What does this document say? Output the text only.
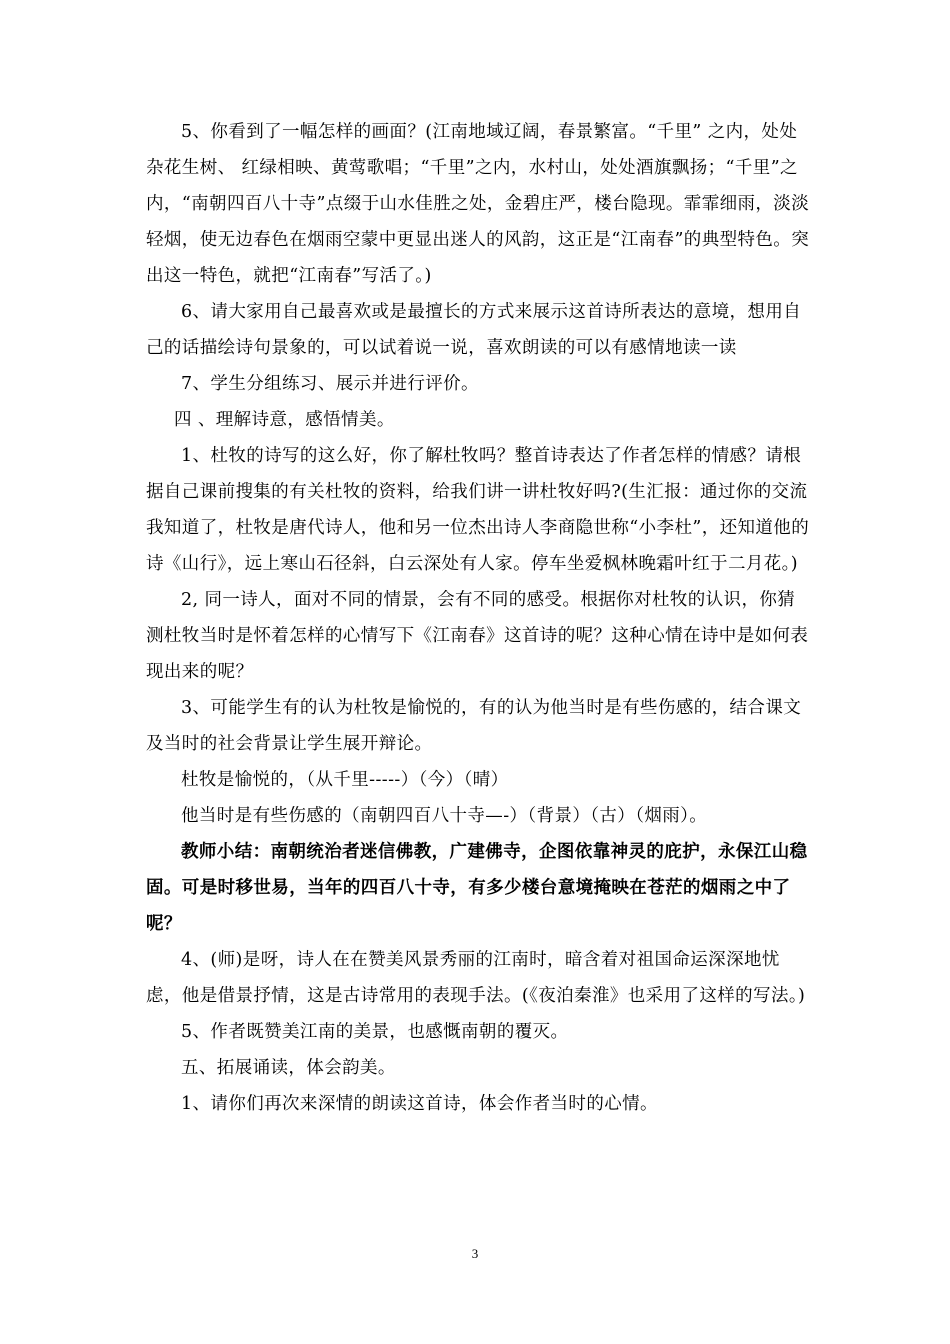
5、你看到了一幅怎样的画面？(江南地域辽阔，春景繁富。“千里” 之内，处处杂花生树、 红绿相映、黄莺歌唱；“千里”之内，水村山，处处酒旗飘扬；“千里”之内，“南朝四百八十寺”点缀于山水佳胜之处，金碧庄严，楼台隐现。霏霏细雨，淡淡轻烟，使无边春色在烟雨空蒙中更显出迷人的风韵，这正是“江南春”的典型特色。突出这一特色，就把“江南春”写活了。)

6、请大家用自己最喜欢或是最擅长的方式来展示这首诗所表达的意境，想用自己的话描绘诗句景象的，可以试着说一说，喜欢朗读的可以有感情地读一读

7、学生分组练习、展示并进行评价。

四 、理解诗意，感悟情美。

1、杜牧的诗写的这么好，你了解杜牧吗？整首诗表达了作者怎样的情感？请根据自己课前搜集的有关杜牧的资料，给我们讲一讲杜牧好吗?(生汇报：通过你的交流我知道了，杜牧是唐代诗人，他和另一位杰出诗人李商隐世称“小李杜”，还知道他的诗《山行》，远上寒山石径斜，白云深处有人家。停车坐爱枫林晚霜叶红于二月花。)

2, 同一诗人，面对不同的情景，会有不同的感受。根据你对杜牧的认识，你猜测杜牧当时是怀着怎样的心情写下《江南春》这首诗的呢？这种心情在诗中是如何表现出来的呢？

3、可能学生有的认为杜牧是愉悦的，有的认为他当时是有些伤感的，结合课文及当时的社会背景让学生展开辩论。

杜牧是愉悦的，（从千里-----）（今）（晴）

他当时是有些伤感的（南朝四百八十寺—-）（背景）（古）（烟雨）。

教师小结：南朝统治者迷信佛教，广建佛寺，企图依靠神灵的庇护，永保江山稳固。可是时移世易，当年的四百八十寺，有多少楼台意境掩映在苍茫的烟雨之中了呢？

4、(师)是呀，诗人在在赞美风景秀丽的江南时，暗含着对祖国命运深深地忧虑，他是借景抒情，这是古诗常用的表现手法。(《夜泊秦淮》也采用了这样的写法。)

5、作者既赞美江南的美景，也感慨南朝的覆灭。

五、拓展诵读，体会韵美。

1、请你们再次来深情的朗读这首诗，体会作者当时的心情。

3
